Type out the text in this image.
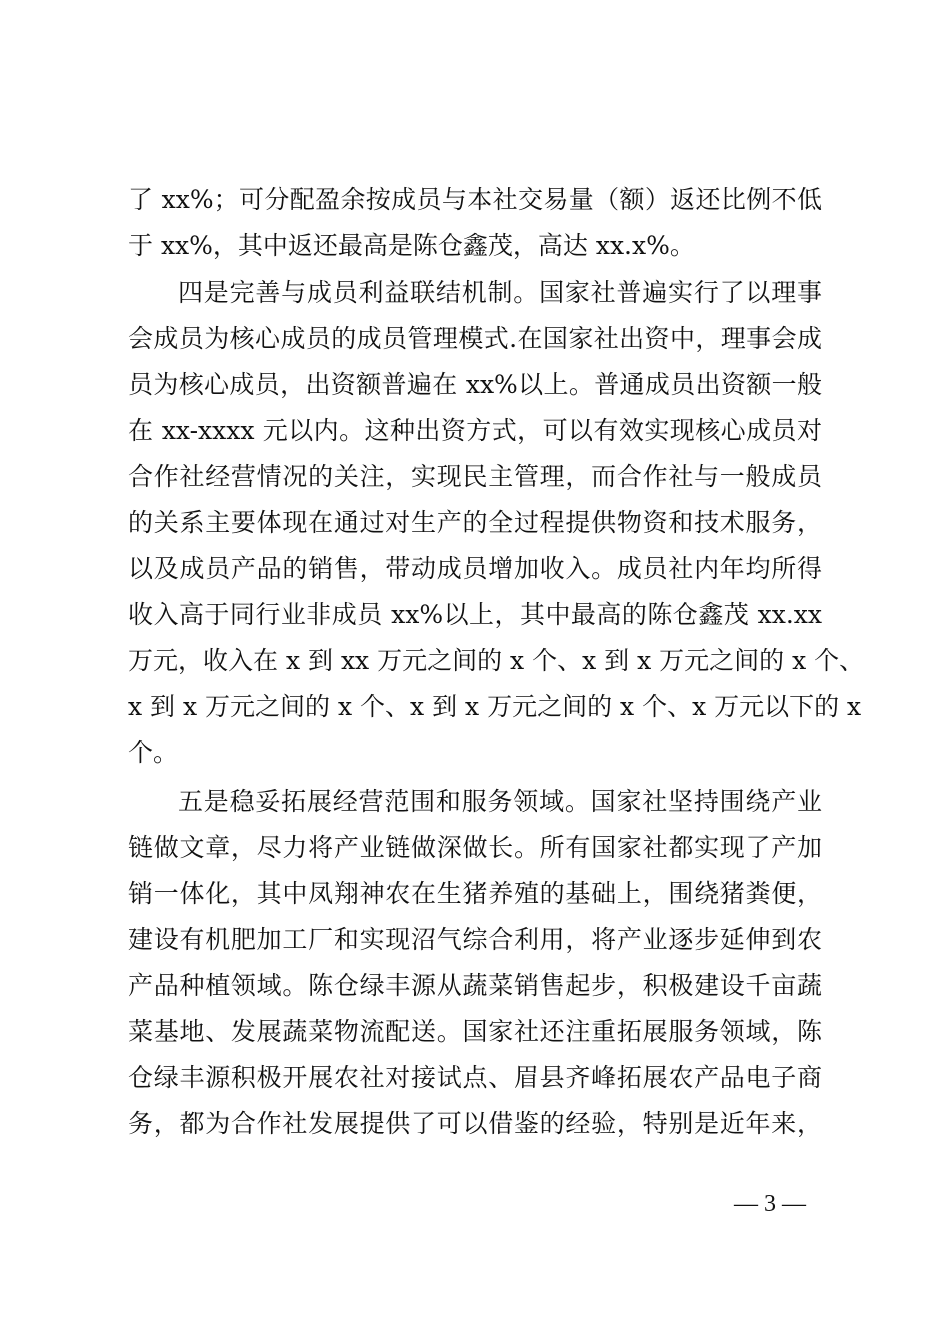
了 xx%；可分配盈余按成员与本社交易量（额）返还比例不低
于 xx%，其中返还最高是陈仓鑫茂，高达 xx.x%。
四是完善与成员利益联结机制。国家社普遍实行了以理事
会成员为核心成员的成员管理模式.在国家社出资中，理事会成
员为核心成员，出资额普遍在 xx%以上。普通成员出资额一般
在 xx-xxxx 元以内。这种出资方式，可以有效实现核心成员对
合作社经营情况的关注，实现民主管理，而合作社与一般成员
的关系主要体现在通过对生产的全过程提供物资和技术服务，
以及成员产品的销售，带动成员增加收入。成员社内年均所得
收入高于同行业非成员 xx%以上，其中最高的陈仓鑫茂 xx.xx
万元，收入在 x 到 xx 万元之间的 x 个、x 到 x 万元之间的 x 个、
x 到 x 万元之间的 x 个、x 到 x 万元之间的 x 个、x 万元以下的 x
个。
五是稳妥拓展经营范围和服务领域。国家社坚持围绕产业
链做文章，尽力将产业链做深做长。所有国家社都实现了产加
销一体化，其中凤翔神农在生猪养殖的基础上，围绕猪粪便，
建设有机肥加工厂和实现沼气综合利用，将产业逐步延伸到农
产品种植领域。陈仓绿丰源从蔬菜销售起步，积极建设千亩蔬
菜基地、发展蔬菜物流配送。国家社还注重拓展服务领域，陈
仓绿丰源积极开展农社对接试点、眉县齐峰拓展农产品电子商
务，都为合作社发展提供了可以借鉴的经验，特别是近年来，
— 3 —
